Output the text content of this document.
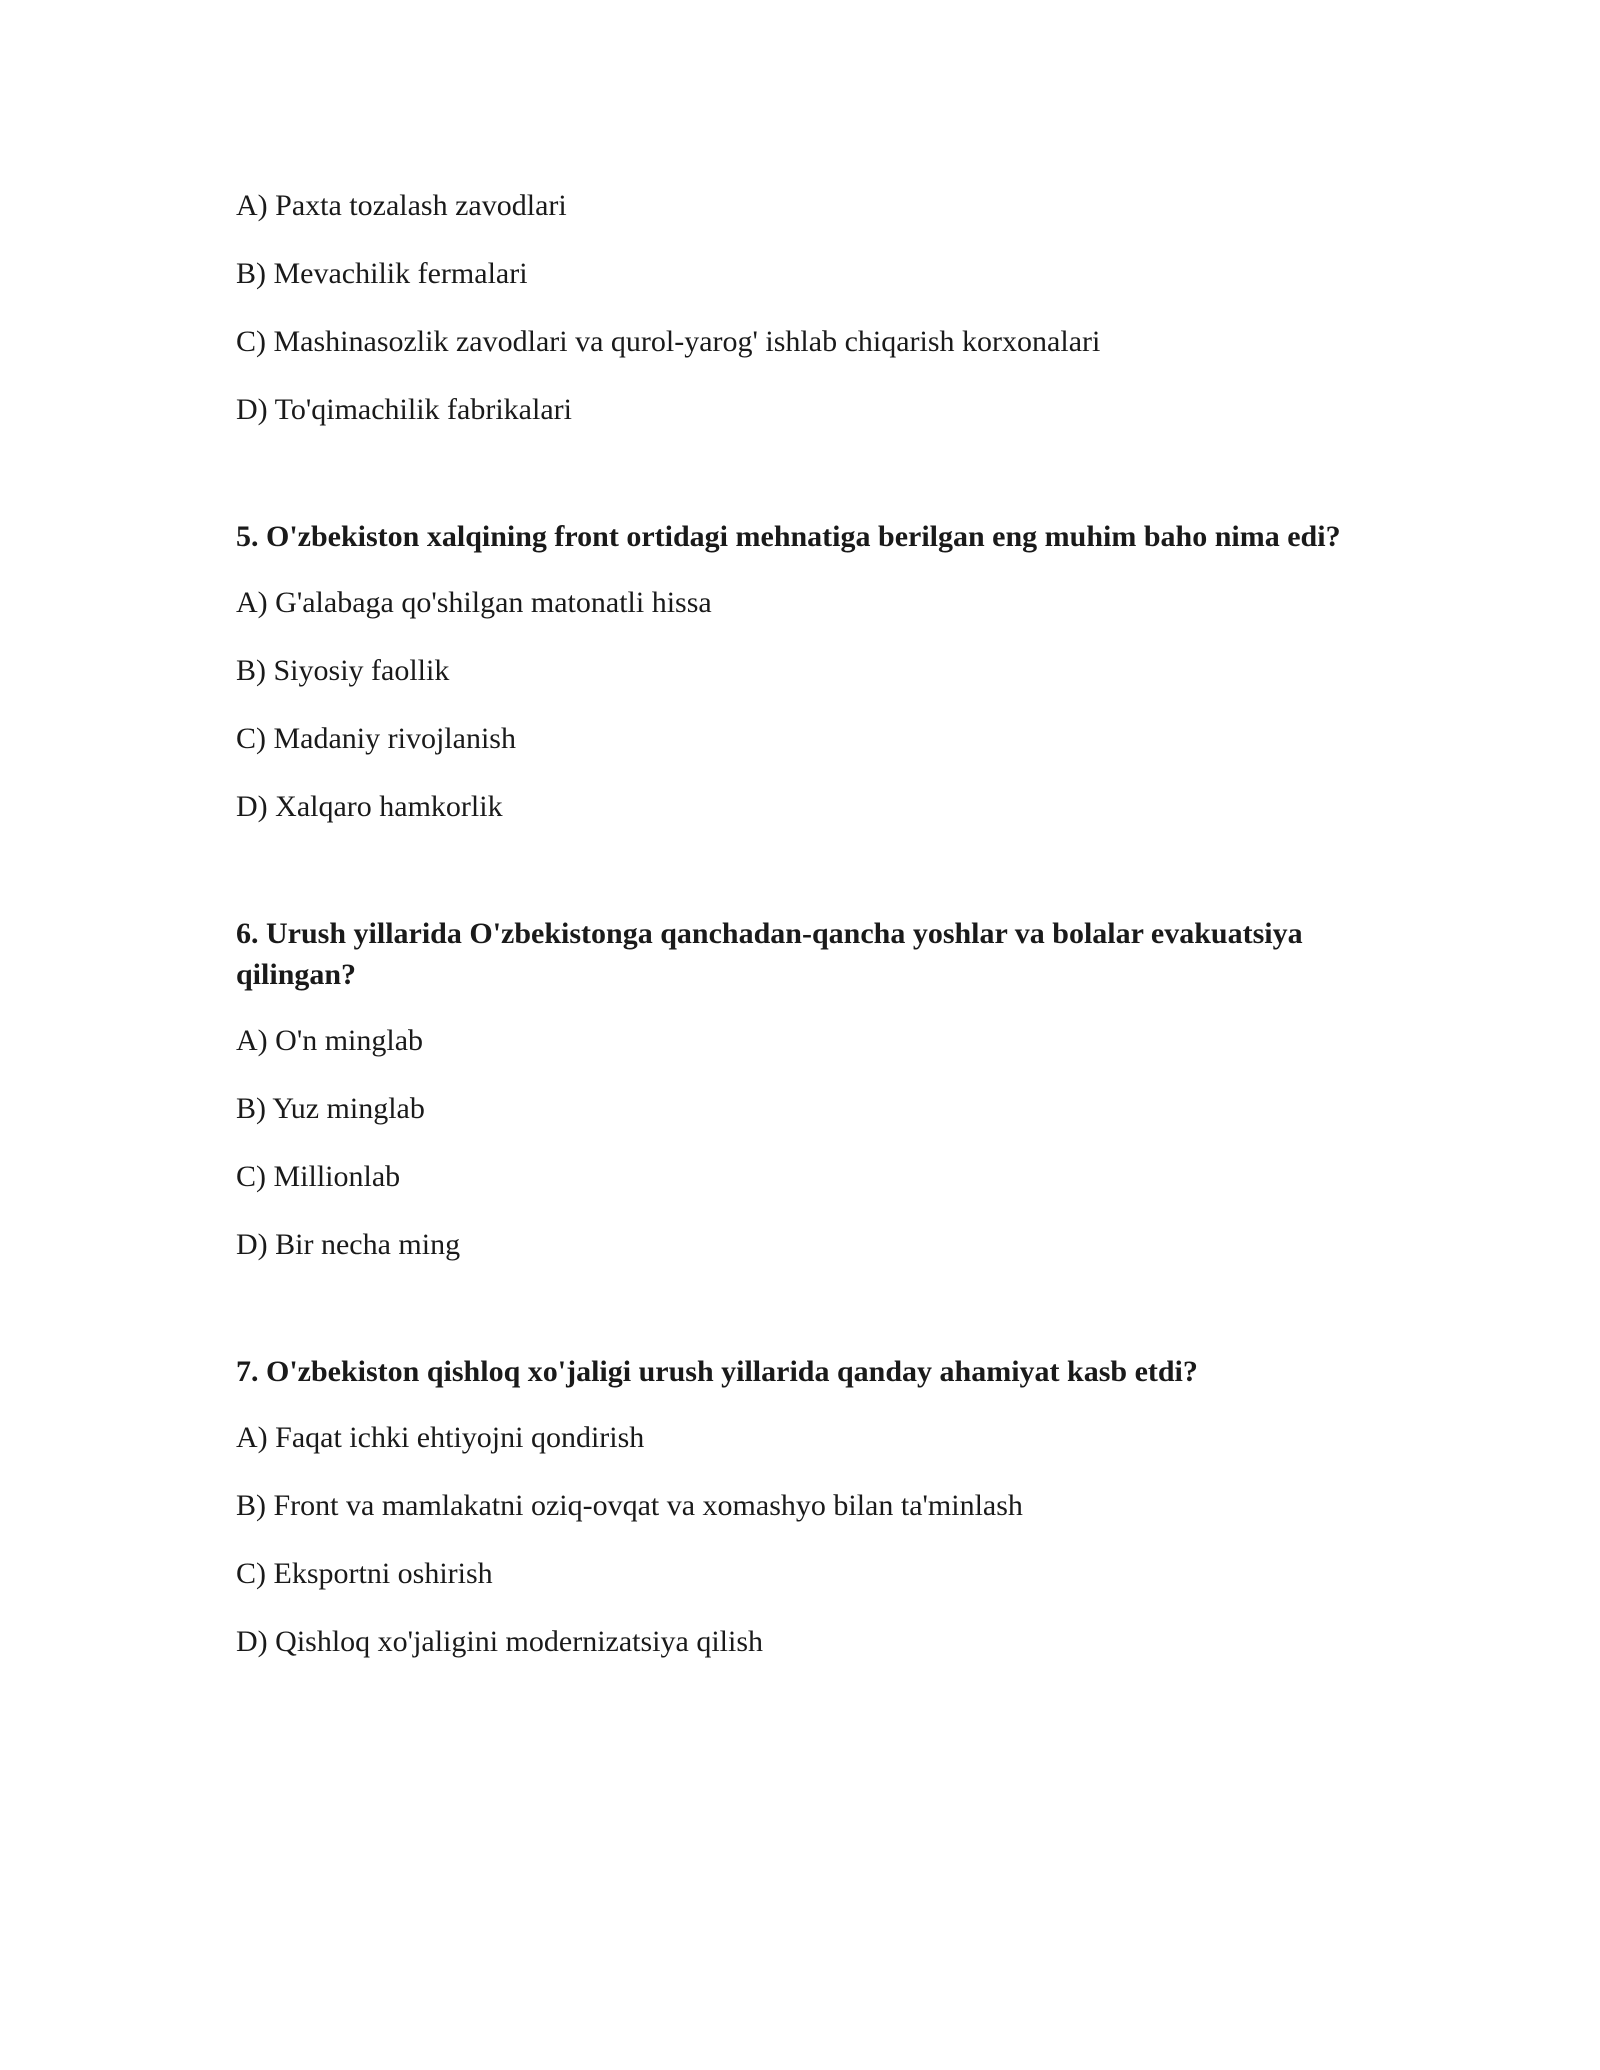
A) Paxta tozalash zavodlari

B) Mevachilik fermalari

C) Mashinasozlik zavodlari va qurol-yarog' ishlab chiqarish korxonalari

D) To'qimachilik fabrikalari

5. O'zbekiston xalqining front ortidagi mehnatiga berilgan eng muhim baho nima edi?

A) G'alabaga qo'shilgan matonatli hissa

B) Siyosiy faollik

C) Madaniy rivojlanish

D) Xalqaro hamkorlik

6. Urush yillarida O'zbekistonga qanchadan-qancha yoshlar va bolalar evakuatsiya qilingan?

A) O'n minglab

B) Yuz minglab

C) Millionlab

D) Bir necha ming

7. O'zbekiston qishloq xo'jaligi urush yillarida qanday ahamiyat kasb etdi?

A) Faqat ichki ehtiyojni qondirish

B) Front va mamlakatni oziq-ovqat va xomashyo bilan ta'minlash

C) Eksportni oshirish

D) Qishloq xo'jaligini modernizatsiya qilish
